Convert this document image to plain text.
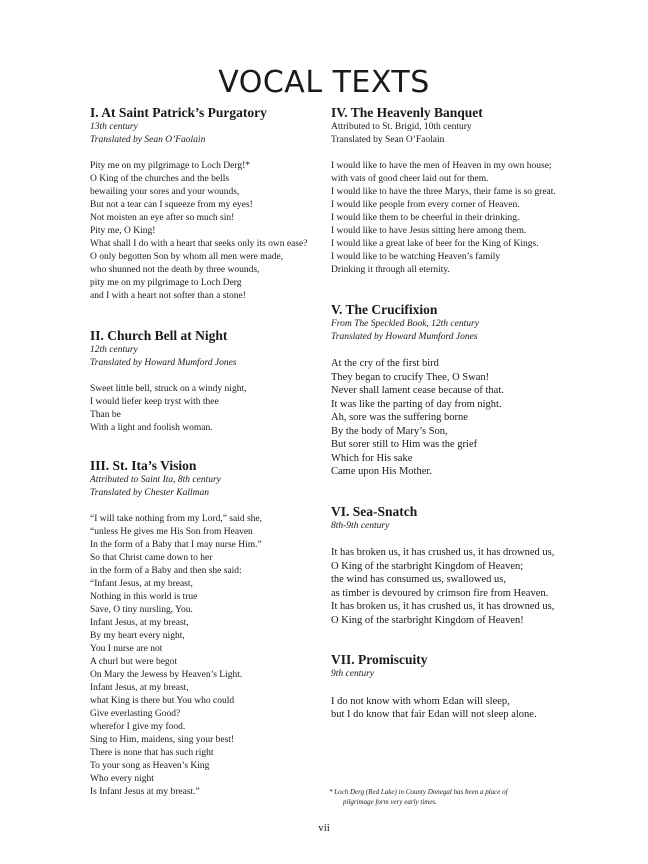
VOCAL TEXTS
I. At Saint Patrick’s Purgatory

13th century

Translated by Sean O’Faolain

Pity me on my pilgrimage to Loch Derg!*
O King of the churches and the bells
bewailing your sores and your wounds,
But not a tear can I squeeze from my eyes!
Not moisten an eye after so much sin!
Pity me, O King!
What shall I do with a heart that seeks only its own ease?
O only begotten Son by whom all men were made,
who shunned not the death by three wounds,
pity me on my pilgrimage to Loch Derg
and I with a heart not softer than a stone!
II. Church Bell at Night

12th century

Translated by Howard Mumford Jones

Sweet little bell, struck on a windy night,
I would liefer keep tryst with thee
Than be
With a light and foolish woman.
III. St. Ita’s Vision

Attributed to Saint Ita, 8th century

Translated by Chester Kallman

“I will take nothing from my Lord,” said she,
“unless He gives me His Son from Heaven
In the form of a Baby that I may nurse Him.”
So that Christ came down to her
in the form of a Baby and then she said:
“Infant Jesus, at my breast,
Nothing in this world is true
Save, O tiny nursling, You.
Infant Jesus, at my breast,
By my heart every night,
You I nurse are not
A churl but were begot
On Mary the Jewess by Heaven’s Light.
Infant Jesus, at my breast,
what King is there but You who could
Give everlasting Good?
wherefor I give my food.
Sing to Him, maidens, sing your best!
There is none that has such right
To your song as Heaven’s King
Who every night
Is Infant Jesus at my breast.”
IV. The Heavenly Banquet

Attributed to St. Brigid, 10th century

Translated by Sean O’Faolain

I would like to have the men of Heaven in my own house;
with vats of good cheer laid out for them.
I would like to have the three Marys, their fame is so great.
I would like people from every corner of Heaven.
I would like them to be cheerful in their drinking.
I would like to have Jesus sitting here among them.
I would like a great lake of beer for the King of Kings.
I would like to be watching Heaven’s family
Drinking it through all eternity.
V. The Crucifixion

From The Speckled Book, 12th century

Translated by Howard Mumford Jones

At the cry of the first bird
They began to crucify Thee, O Swan!
Never shall lament cease because of that.
It was like the parting of day from night.
Ah, sore was the suffering borne
By the body of Mary’s Son,
But sorer still to Him was the grief
Which for His sake
Came upon His Mother.
VI. Sea-Snatch

8th-9th century

It has broken us, it has crushed us, it has drowned us,
O King of the starbright Kingdom of Heaven;
the wind has consumed us, swallowed us,
as timber is devoured by crimson fire from Heaven.
It has broken us, it has crushed us, it has drowned us,
O King of the starbright Kingdom of Heaven!
VII. Promiscuity

9th century

I do not know with whom Edan will sleep,
but I do know that fair Edan will not sleep alone.
* Loch Derg (Red Lake) in County Donegal has been a place of
pilgrimage form very early times.
vii
